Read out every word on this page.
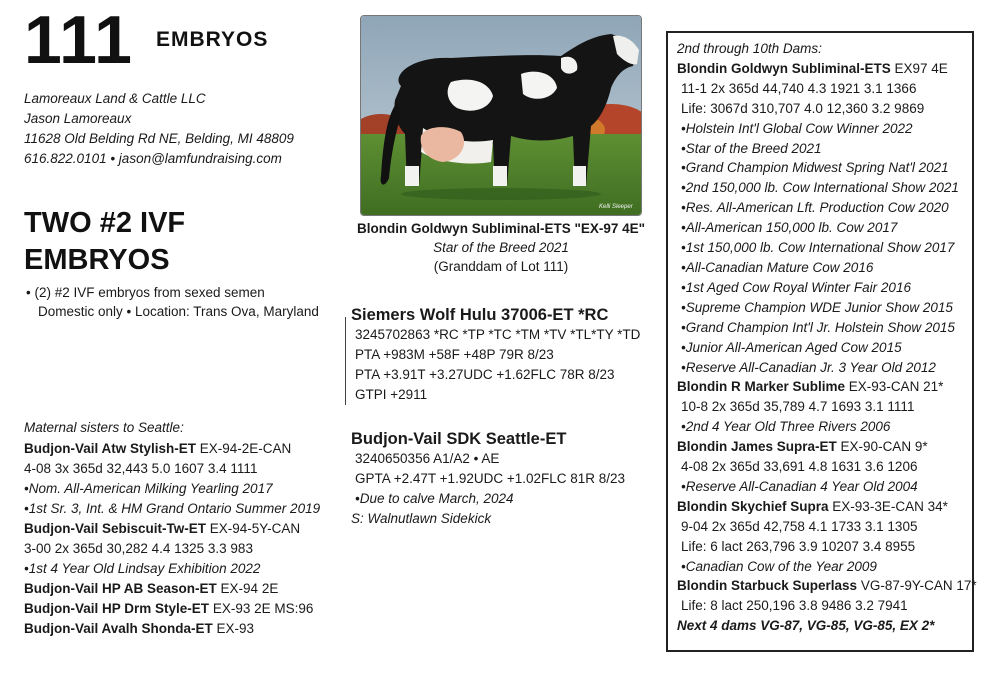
111 EMBRYOS
Lamoreaux Land & Cattle LLC
Jason Lamoreaux
11628 Old Belding Rd NE, Belding, MI 48809
616.822.0101 • jason@lamfundraising.com
TWO #2 IVF
EMBRYOS
• (2) #2 IVF embryos from sexed semen
Domestic only • Location: Trans Ova, Maryland
Maternal sisters to Seattle:
Budjon-Vail Atw Stylish-ET EX-94-2E-CAN
4-08 3x 365d 32,443 5.0 1607 3.4 1111
•Nom. All-American Milking Yearling 2017
•1st Sr. 3, Int. & HM Grand Ontario Summer 2019
Budjon-Vail Sebiscuit-Tw-ET EX-94-5Y-CAN
3-00 2x 365d 30,282 4.4 1325 3.3 983
•1st 4 Year Old Lindsay Exhibition 2022
Budjon-Vail HP AB Season-ET EX-94 2E
Budjon-Vail HP Drm Style-ET EX-93 2E MS:96
Budjon-Vail Avalh Shonda-ET EX-93
Kelli Sleeper
Blondin Goldwyn Subliminal-ETS "EX-97 4E"
Star of the Breed 2021
(Granddam of Lot 111)
Siemers Wolf Hulu 37006-ET *RC
3245702863 *RC *TP *TC *TM *TV *TL*TY *TD
PTA +983M +58F +48P 79R 8/23
PTA +3.91T +3.27UDC +1.62FLC 78R 8/23
GTPI +2911
Budjon-Vail SDK Seattle-ET
3240650356 A1/A2 • AE
GPTA +2.47T +1.92UDC +1.02FLC 81R 8/23
•Due to calve March, 2024
S: Walnutlawn Sidekick
2nd through 10th Dams:
Blondin Goldwyn Subliminal-ETS EX97 4E
11-1 2x 365d 44,740 4.3 1921 3.1 1366
Life: 3067d 310,707 4.0 12,360 3.2 9869
•Holstein Int'l Global Cow Winner 2022
•Star of the Breed 2021
•Grand Champion Midwest Spring Nat'l 2021
•2nd 150,000 lb. Cow International Show 2021
•Res. All-American Lft. Production Cow 2020
•All-American 150,000 lb. Cow 2017
•1st 150,000 lb. Cow International Show 2017
•All-Canadian Mature Cow 2016
•1st Aged Cow Royal Winter Fair 2016
•Supreme Champion WDE Junior Show 2015
•Grand Champion Int'l Jr. Holstein Show 2015
•Junior All-American Aged Cow 2015
•Reserve All-Canadian Jr. 3 Year Old 2012
Blondin R Marker Sublime EX-93-CAN 21*
10-8 2x 365d 35,789 4.7 1693 3.1 1111
•2nd 4 Year Old Three Rivers 2006
Blondin James Supra-ET EX-90-CAN 9*
4-08 2x 365d 33,691 4.8 1631 3.6 1206
•Reserve All-Canadian 4 Year Old 2004
Blondin Skychief Supra EX-93-3E-CAN 34*
9-04 2x 365d 42,758 4.1 1733 3.1 1305
Life: 6 lact 263,796 3.9 10207 3.4 8955
•Canadian Cow of the Year 2009
Blondin Starbuck Superlass VG-87-9Y-CAN 17*
Life: 8 lact 250,196 3.8 9486 3.2 7941
Next 4 dams VG-87, VG-85, VG-85, EX 2*
